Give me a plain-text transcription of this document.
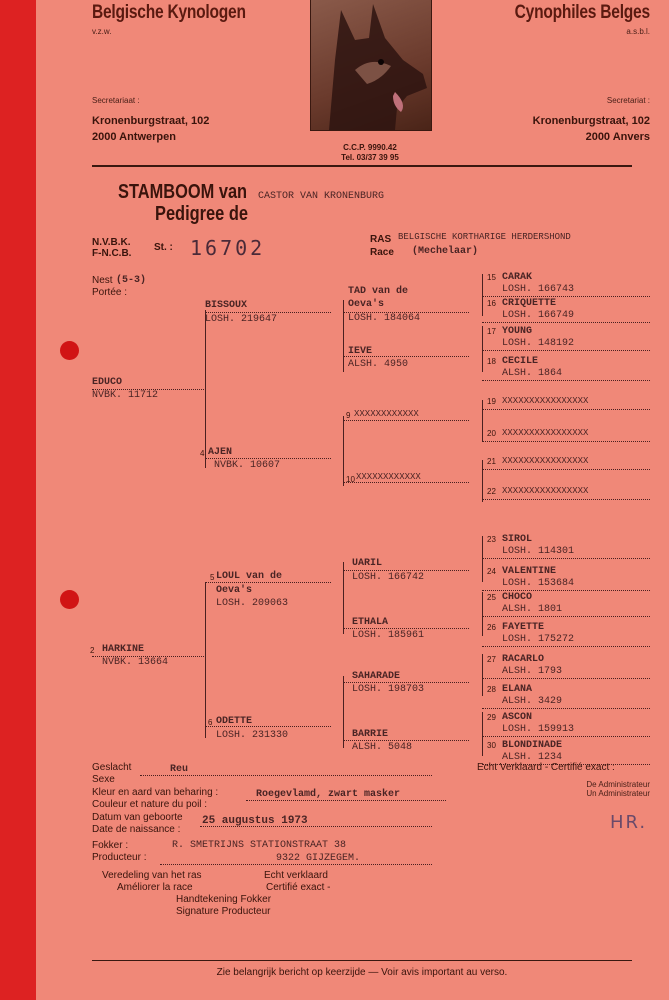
Belgische Kynologen
v.z.w.
Cynophiles Belges
a.s.b.l.
Secretariaat :	Secretariat :
Kronenburgstraat, 102
2000 Antwerpen
Kronenburgstraat, 102
2000 Anvers
C.C.P. 9990.42
Tel. 03/37 39 95
STAMBOOM van
Pedigree de
CASTOR VAN KRONENBURG
N.V.B.K.
F-N.C.B.
St. : 16702	RAS
Race
BELGISCHE KORTHARIGE HERDERSHOND
(Mechelaar)
Nest (5-3)
Portée :
EDUCO
NVBK. 11712
2 HARKINE
NVBK. 13664
BISSOUX
LOSH. 219647
4 AJEN
NVBK. 10607
5 LOUL van de
Oeva's
LOSH. 209063
6 ODETTE
LOSH. 231330
TAD van de
Oeva's
LOSH. 184064
IEVE
ALSH. 4950
9 XXXXXXXXXXXX
10 XXXXXXXXXXXX
UARIL
LOSH. 166742
ETHALA
LOSH. 185961
SAHARADE
LOSH. 198703
BARRIE
ALSH. 5048
15 CARAK
LOSH. 166743
16 CRIQUETTE
LOSH. 166749
17 YOUNG
LOSH. 148192
18 CECILE
ALSH. 1864
19 XXXXXXXXXXXXXXXX
20 XXXXXXXXXXXXXXXX
21 XXXXXXXXXXXXXXXX
22 XXXXXXXXXXXXXXXX
23 SIROL
LOSH. 114301
24 VALENTINE
LOSH. 153684
25 CHOCO
ALSH. 1801
26 FAYETTE
LOSH. 175272
27 RACARLO
ALSH. 1793
28 ELANA
ALSH. 3429
29 ASCON
LOSH. 159913
30 BLONDINADE
ALSH. 1234
Geslacht
Sexe
Reu
Kleur en aard van beharing :
Couleur et nature du poil :
Roegevlamd, zwart masker
Datum van geboorte
Date de naissance :
25 augustus 1973
Fokker :
Producteur :
R. SMETRIJNS STATIONSTRAAT 38
9322 GIJZEGEM.
Echt Verklaard - Certifié exact :
De Administrateur
Un Administrateur
HR.
Veredeling van het ras
Améliorer la race
Echt verklaard
Certifié exact -
Handtekening Fokker
Signature Producteur
Zie belangrijk bericht op keerzijde — Voir avis important au verso.
